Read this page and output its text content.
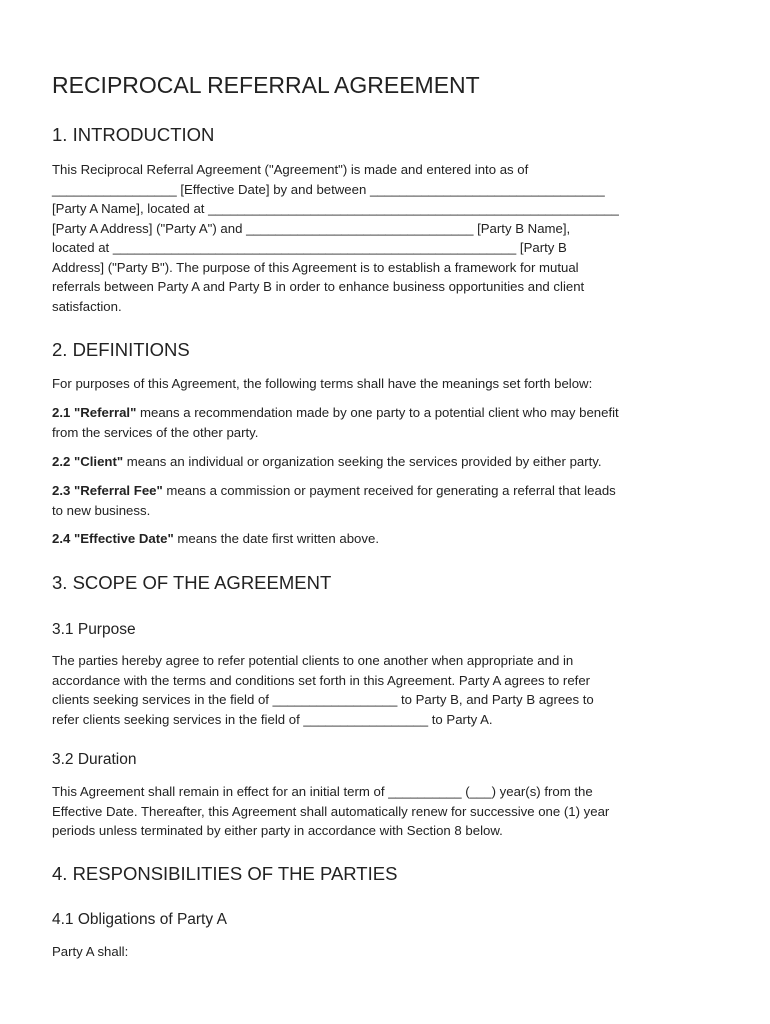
RECIPROCAL REFERRAL AGREEMENT
1. INTRODUCTION
This Reciprocal Referral Agreement ("Agreement") is made and entered into as of
_________________ [Effective Date] by and between ________________________________
[Party A Name], located at ________________________________________________________
[Party A Address] ("Party A") and _______________________________ [Party B Name],
located at _______________________________________________________ [Party B
Address] ("Party B"). The purpose of this Agreement is to establish a framework for mutual
referrals between Party A and Party B in order to enhance business opportunities and client
satisfaction.
2. DEFINITIONS

For purposes of this Agreement, the following terms shall have the meanings set forth below:

2.1 "Referral" means a recommendation made by one party to a potential client who may benefit
from the services of the other party.
2.2 "Client" means an individual or organization seeking the services provided by either party.
2.3 "Referral Fee" means a commission or payment received for generating a referral that leads
to new business.
2.4 "Effective Date" means the date first written above.
3. SCOPE OF THE AGREEMENT
3.1 Purpose
The parties hereby agree to refer potential clients to one another when appropriate and in
accordance with the terms and conditions set forth in this Agreement. Party A agrees to refer
clients seeking services in the field of _________________ to Party B, and Party B agrees to
refer clients seeking services in the field of _________________ to Party A.
3.2 Duration
This Agreement shall remain in effect for an initial term of __________ (___) year(s) from the
Effective Date. Thereafter, this Agreement shall automatically renew for successive one (1) year
periods unless terminated by either party in accordance with Section 8 below.
4. RESPONSIBILITIES OF THE PARTIES
4.1 Obligations of Party A

Party A shall:
